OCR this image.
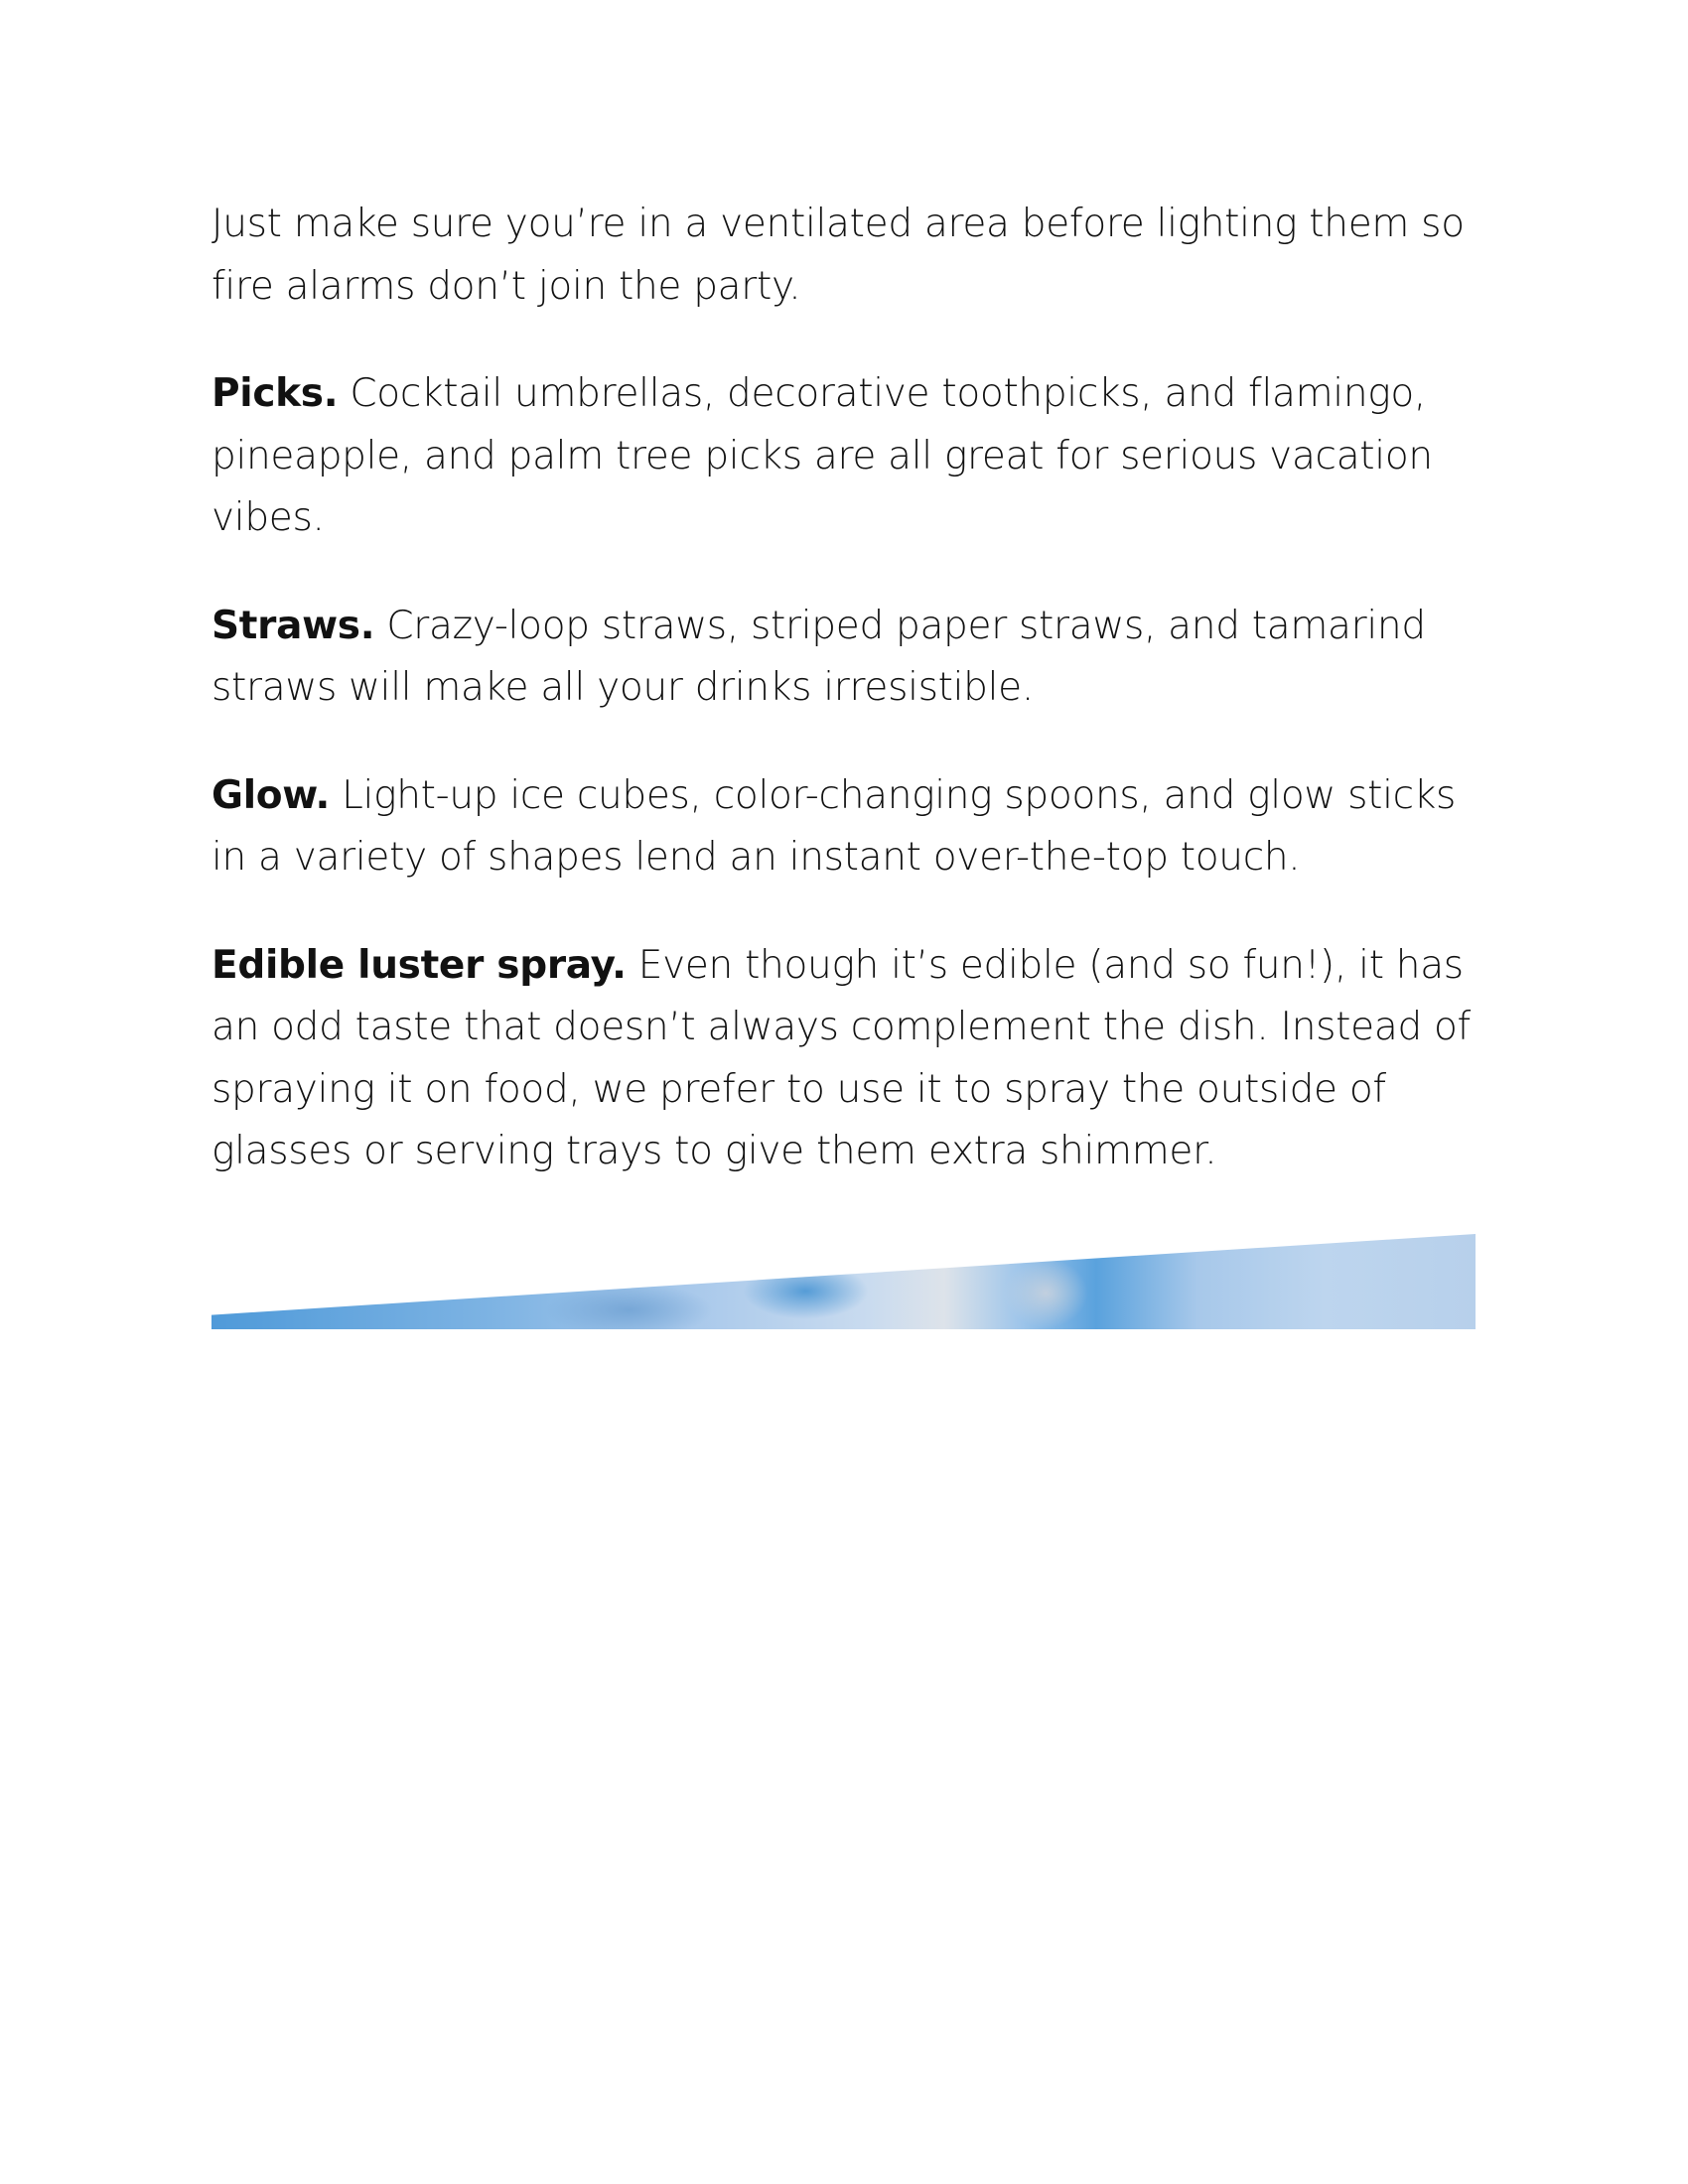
Just make sure you’re in a ventilated area before lighting them so fire alarms don’t join the party.

Picks. Cocktail umbrellas, decorative toothpicks, and flamingo, pineapple, and palm tree picks are all great for serious vacation vibes.

Straws. Crazy-loop straws, striped paper straws, and tamarind straws will make all your drinks irresistible.

Glow. Light-up ice cubes, color-changing spoons, and glow sticks in a variety of shapes lend an instant over-the-top touch.

Edible luster spray. Even though it’s edible (and so fun!), it has an odd taste that doesn’t always complement the dish. Instead of spraying it on food, we prefer to use it to spray the outside of glasses or serving trays to give them extra shimmer.
